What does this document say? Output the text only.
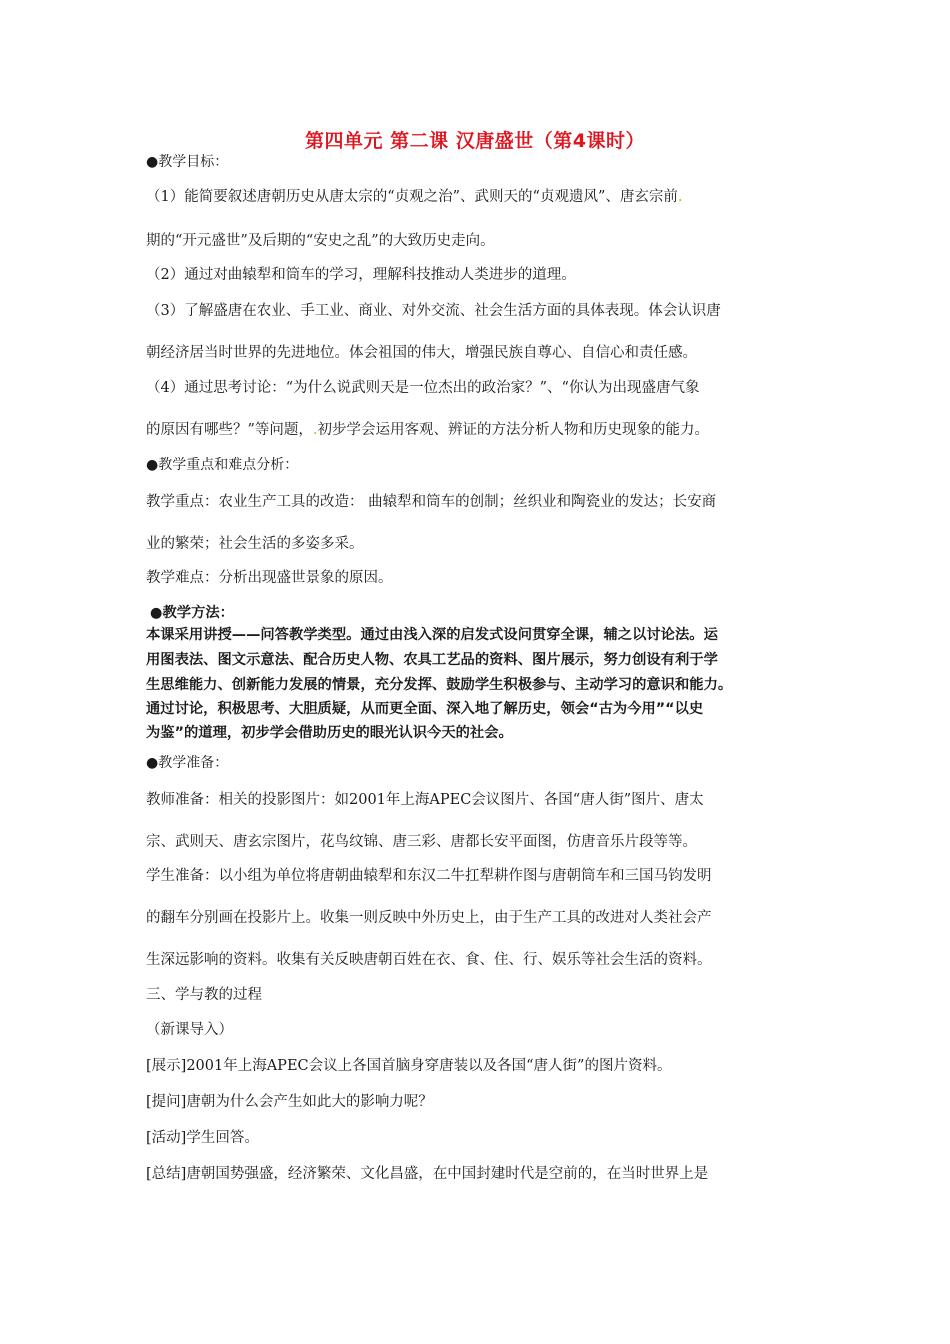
第四单元 第二课 汉唐盛世（第4课时）
●教学目标：
（1）能简要叙述唐朝历史从唐太宗的“贞观之治”、武则天的“贞观遗风”、唐玄宗前.
期的“开元盛世”及后期的“安史之乱”的大致历史走向。
（2）通过对曲辕犁和筒车的学习，理解科技推动人类进步的道理。
（3）了解盛唐在农业、手工业、商业、对外交流、社会生活方面的具体表现。体会认识唐
朝经济居当时世界的先进地位。体会祖国的伟大，增强民族自尊心、自信心和责任感。
（4）通过思考讨论：“为什么说武则天是一位杰出的政治家？”、“你认为出现盛唐气象
的原因有哪些？”等问题，.初步学会运用客观、辨证的方法分析人物和历史现象的能力。
●教学重点和难点分析：
教学重点：农业生产工具的改造： 曲辕犁和筒车的创制；丝织业和陶瓷业的发达；长安商
业的繁荣；社会生活的多姿多采。
教学难点：分析出现盛世景象的原因。
●教学方法：
本课采用讲授——问答教学类型。通过由浅入深的启发式设问贯穿全课，辅之以讨论法。运
用图表法、图文示意法、配合历史人物、农具工艺品的资料、图片展示，努力创设有利于学
生思维能力、创新能力发展的情景，充分发挥、鼓励学生积极参与、主动学习的意识和能力。
通过讨论，积极思考、大胆质疑，从而更全面、深入地了解历史，领会“古为今用”“以史
为鉴”的道理，初步学会借助历史的眼光认识今天的社会。
●教学准备：
教师准备：相关的投影图片：如2001年上海APEC会议图片、各国“唐人街”图片、唐太
宗、武则天、唐玄宗图片，花鸟纹锦、唐三彩、唐都长安平面图，仿唐音乐片段等等。
学生准备：以小组为单位将唐朝曲辕犁和东汉二牛扛犁耕作图与唐朝筒车和三国马钧发明
的翻车分别画在投影片上。收集一则反映中外历史上，由于生产工具的改进对人类社会产
生深远影响的资料。收集有关反映唐朝百姓在衣、食、住、行、娱乐等社会生活的资料。
三、学与教的过程
（新课导入）
[展示]2001年上海APEC会议上各国首脑身穿唐装以及各国“唐人街”的图片资料。
[提问]唐朝为什么会产生如此大的影响力呢？
[活动]学生回答。
[总结]唐朝国势强盛，经济繁荣、文化昌盛，在中国封建时代是空前的，在当时世界上是
